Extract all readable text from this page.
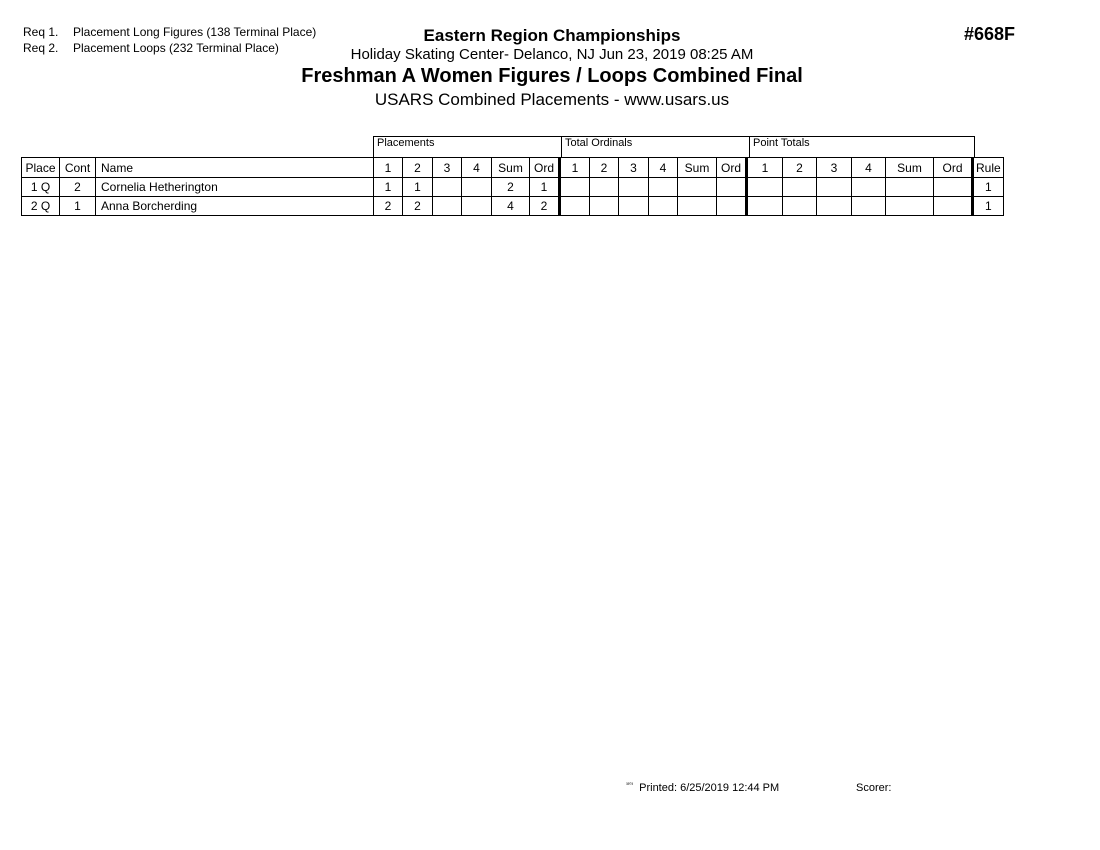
Req 1. Placement Long Figures (138 Terminal Place)
Req 2. Placement Loops (232 Terminal Place)
Eastern Region Championships
Holiday Skating Center- Delanco, NJ Jun 23, 2019 08:25 AM
Freshman A Women Figures / Loops Combined Final
USARS Combined Placements - www.usars.us
#668F
Placements	Total Ordinals	Point Totals
Place	Cont	Name	1	2	3	4	Sum	Ord	1	2	3	4	Sum	Ord	1	2	3	4	Sum	Ord	Rule
1 Q	2	Cornelia Hetherington	1	1			2	1													1
2 Q	1	Anna Borcherding	2	2			4	2													1
$^{^{3303}}$ Printed: 6/25/2019 12:44 PM	Scorer:
